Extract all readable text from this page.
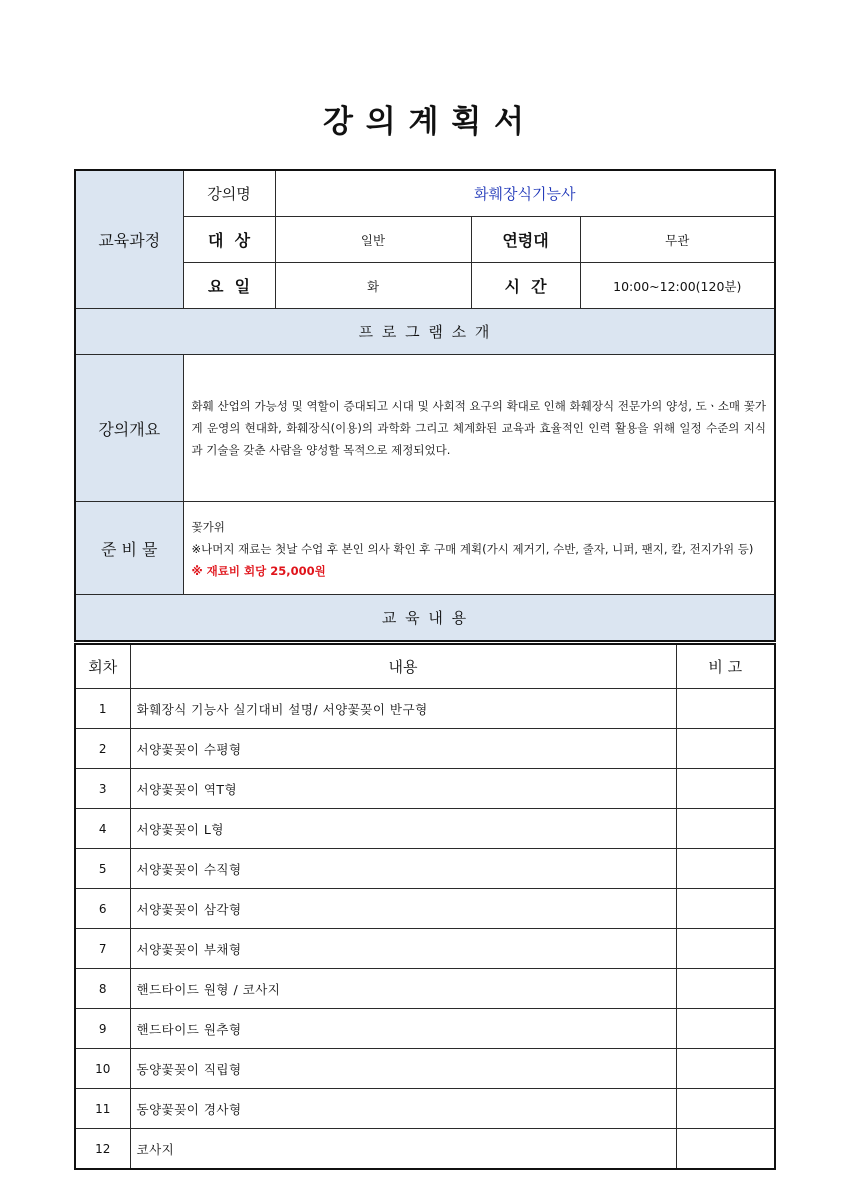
강 의 계 획 서
교육과정	강의명	화훼장식기능사		
	대  상	일반	연령대	무관
	요  일	화	시  간	10:00~12:00(120분)
프 로 그 램 소 개				
강의개요	화훼 산업의 가능성 및 역할이 증대되고 시대 및 사회적 요구의 확대로 인해 화훼장식 전문가의 양성, 도ㆍ소매 꽃가게 운영의 현대화, 화훼장식(이용)의 과학화 그리고 체계화된 교육과 효율적인 인력 활용을 위해 일정 수준의 지식과 기술을 갖춘 사람을 양성할 목적으로 제정되었다.			

준 비 물	꽃가위
※나머지 재료는 첫날 수업 후 본인 의사 확인 후 구매 계획(가시 제거기, 수반, 줄자, 니퍼, 팬지, 칼, 전지가위 등) ※ 재료비 회당 25,000원			

교 육 내 용				
회차	내용	비 고
1	화훼장식 기능사 실기대비 설명/ 서양꽃꽂이 반구형	
2	서양꽃꽂이 수평형	
3	서양꽃꽂이 역T형	
4	서양꽃꽂이 L형	
5	서양꽃꽂이 수직형	
6	서양꽃꽂이 삼각형	
7	서양꽃꽂이 부채형	
8	핸드타이드 원형 / 코사지	
9	핸드타이드 원추형	
10	동양꽃꽂이 직립형	
11	동양꽃꽂이 경사형	
12	코사지	
